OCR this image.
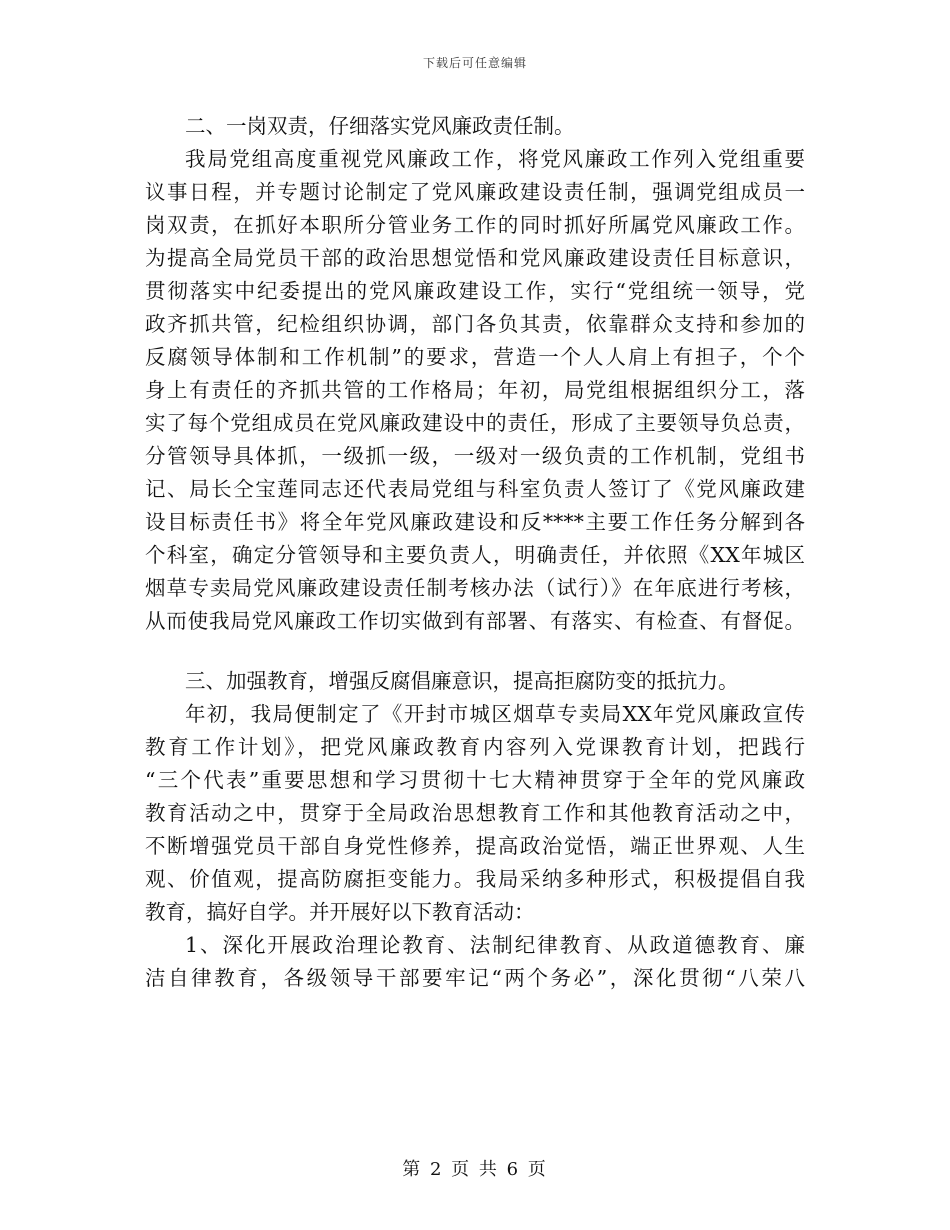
下载后可任意编辑
二、一岗双责，仔细落实党风廉政责任制。
我局党组高度重视党风廉政工作，将党风廉政工作列入党组重要
议事日程，并专题讨论制定了党风廉政建设责任制，强调党组成员一
岗双责，在抓好本职所分管业务工作的同时抓好所属党风廉政工作。
为提高全局党员干部的政治思想觉悟和党风廉政建设责任目标意识，
贯彻落实中纪委提出的党风廉政建设工作，实行“党组统一领导，党
政齐抓共管，纪检组织协调，部门各负其责，依靠群众支持和参加的
反腐领导体制和工作机制”的要求，营造一个人人肩上有担子，个个
身上有责任的齐抓共管的工作格局；年初，局党组根据组织分工，落
实了每个党组成员在党风廉政建设中的责任，形成了主要领导负总责，
分管领导具体抓，一级抓一级，一级对一级负责的工作机制，党组书
记、局长仝宝莲同志还代表局党组与科室负责人签订了《党风廉政建
设目标责任书》将全年党风廉政建设和反****主要工作任务分解到各
个科室，确定分管领导和主要负责人，明确责任，并依照《XX年城区
烟草专卖局党风廉政建设责任制考核办法（试行）》在年底进行考核，
从而使我局党风廉政工作切实做到有部署、有落实、有检查、有督促。
三、加强教育，增强反腐倡廉意识，提高拒腐防变的抵抗力。
年初，我局便制定了《开封市城区烟草专卖局XX年党风廉政宣传
教育工作计划》，把党风廉政教育内容列入党课教育计划，把践行
“三个代表”重要思想和学习贯彻十七大精神贯穿于全年的党风廉政
教育活动之中，贯穿于全局政治思想教育工作和其他教育活动之中，
不断增强党员干部自身党性修养，提高政治觉悟，端正世界观、人生
观、价值观，提高防腐拒变能力。我局采纳多种形式，积极提倡自我
教育，搞好自学。并开展好以下教育活动：
1、深化开展政治理论教育、法制纪律教育、从政道德教育、廉
洁自律教育，各级领导干部要牢记“两个务必”，深化贯彻“八荣八
第 2 页 共 6 页
